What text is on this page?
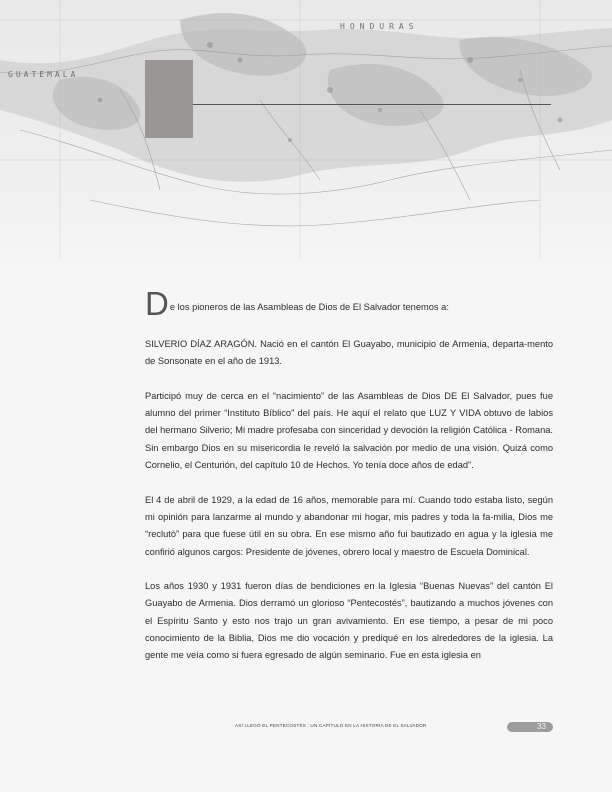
HONDURAS
GUATEMALA

D e los pioneros de las Asambleas de Dios de El Salvador tenemos a:

SILVERIO DÍAZ ARAGÓN. Nació en el cantón El Guayabo, municipio de Armenia, departa-mento de Sonsonate en el año de 1913.

Participó muy de cerca en el “nacimiento” de las Asambleas de Dios DE El Salvador, pues fue alumno del primer “Instituto Bíblico” del país. He aquí el relato que LUZ Y VIDA obtuvo de labios del hermano Silverio; Mi madre profesaba con sinceridad y devoción la religión Católica - Romana. Sin embargo Dios en su misericordia le reveló la salvación por medio de una visión. Quizá como Cornelio, el Centurión, del capítulo 10 de Hechos. Yo tenía doce años de edad”.

El 4 de abril de 1929, a la edad de 16 años, memorable para mí. Cuando todo estaba listo, según mi opinión para lanzarme al mundo y abandonar mi hogar, mis padres y toda la fa-milia, Dios me “reclutó” para que fuese útil en su obra. En ese mismo año fui bautizado en agua y la iglesia me confirió algunos cargos: Presidente de jóvenes, obrero local y maestro de Escuela Dominical.

Los años 1930 y 1931 fueron días de bendiciones en la Iglesia “Buenas Nuevas” del cantón El Guayabo de Armenia. Dios derramó un glorioso “Pentecostés”, bautizando a muchos jóvenes con el Espíritu Santo y esto nos trajo un gran avivamiento. En ese tiempo, a pesar de mi poco conocimiento de la Biblia, Dios me dio vocación y prediqué en los alrededores de la iglesia. La gente me veía como si fuera egresado de algún seminario. Fue en esta iglesia en

ASÍ LLEGÓ EL PENTECOSTÉS : UN CAPÍTULO EN LA HISTORIA DE EL SALVADOR	33
